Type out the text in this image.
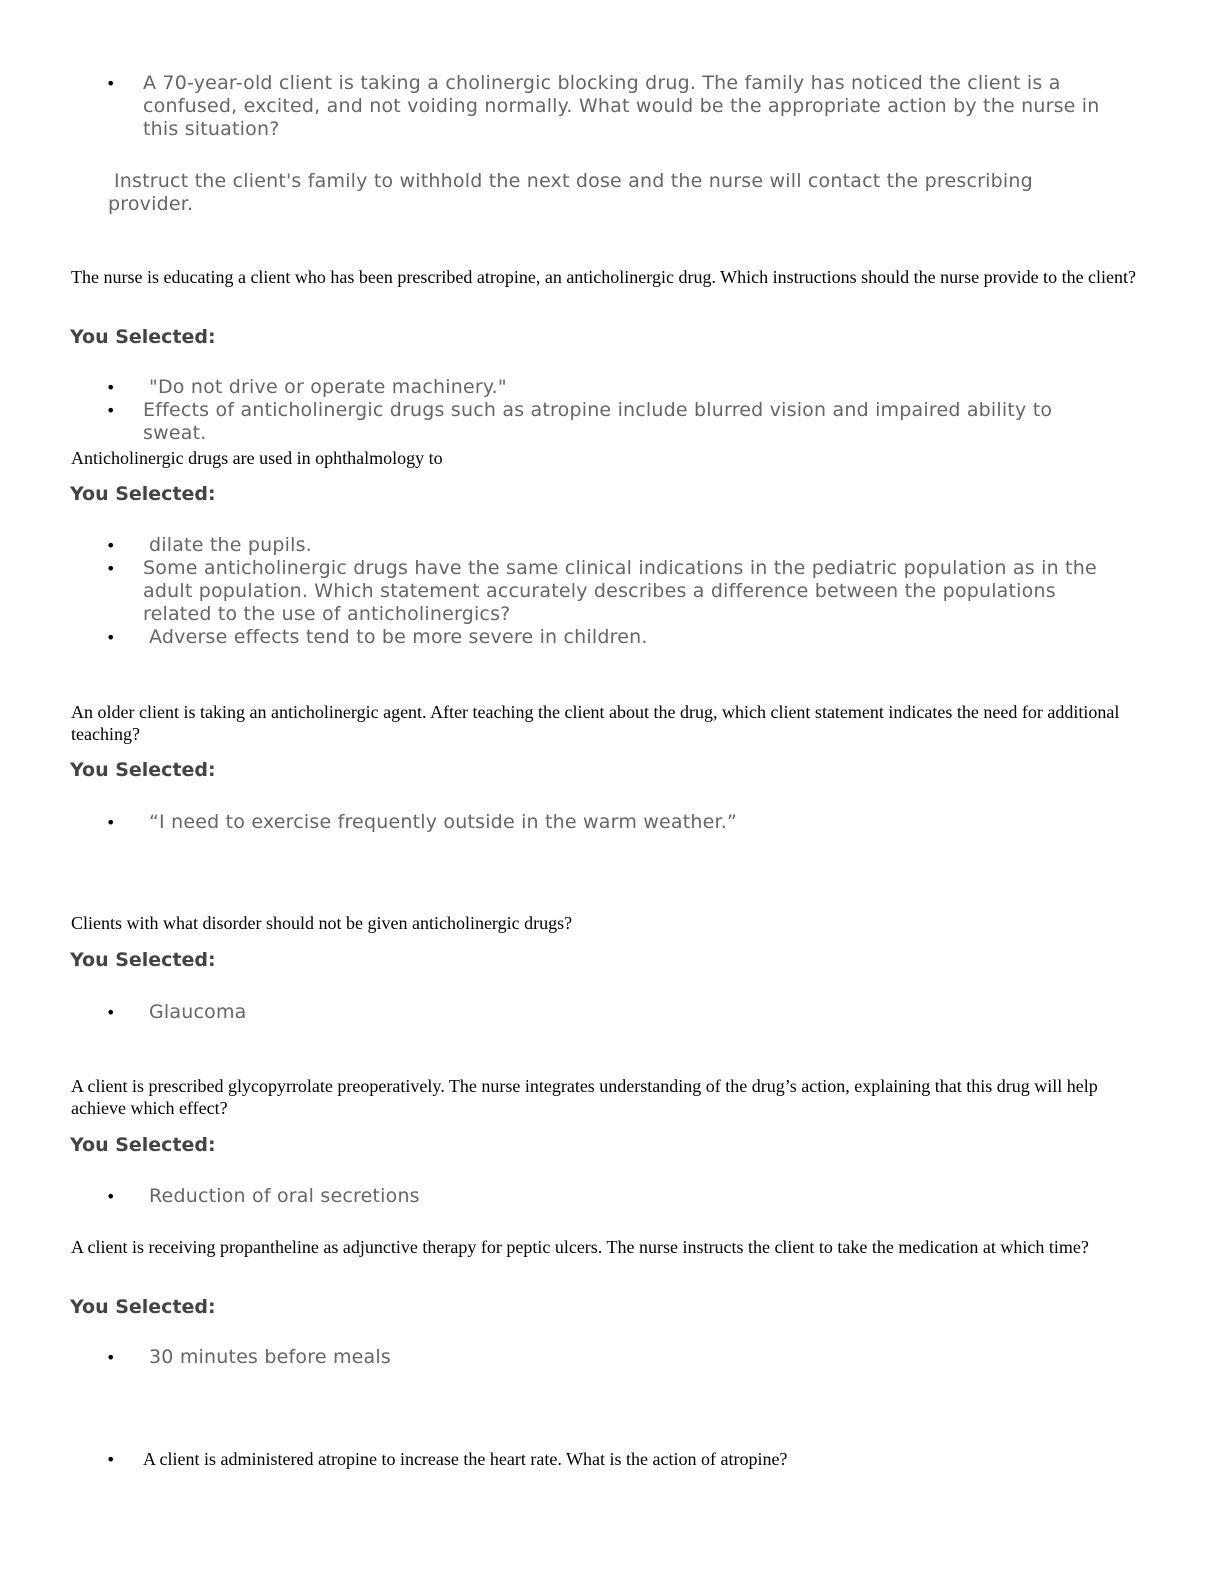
• A 70-year-old client is taking a cholinergic blocking drug. The family has noticed the client is a confused, excited, and not voiding normally. What would be the appropriate action by the nurse in this situation?

Instruct the client's family to withhold the next dose and the nurse will contact the prescribing provider.

The nurse is educating a client who has been prescribed atropine, an anticholinergic drug. Which instructions should the nurse provide to the client?

You Selected:
• "Do not drive or operate machinery."

• Effects of anticholinergic drugs such as atropine include blurred vision and impaired ability to sweat.

Anticholinergic drugs are used in ophthalmology to

You Selected:
• dilate the pupils.

• Some anticholinergic drugs have the same clinical indications in the pediatric population as in the adult population. Which statement accurately describes a difference between the populations related to the use of anticholinergics?

• Adverse effects tend to be more severe in children.

An older client is taking an anticholinergic agent. After teaching the client about the drug, which client statement indicates the need for additional teaching?

You Selected:
• “I need to exercise frequently outside in the warm weather.”

Clients with what disorder should not be given anticholinergic drugs?

You Selected:
• Glaucoma

A client is prescribed glycopyrrolate preoperatively. The nurse integrates understanding of the drug’s action, explaining that this drug will help achieve which effect?

You Selected:
• Reduction of oral secretions

A client is receiving propantheline as adjunctive therapy for peptic ulcers. The nurse instructs the client to take the medication at which time?

You Selected:
• 30 minutes before meals

• A client is administered atropine to increase the heart rate. What is the action of atropine?
